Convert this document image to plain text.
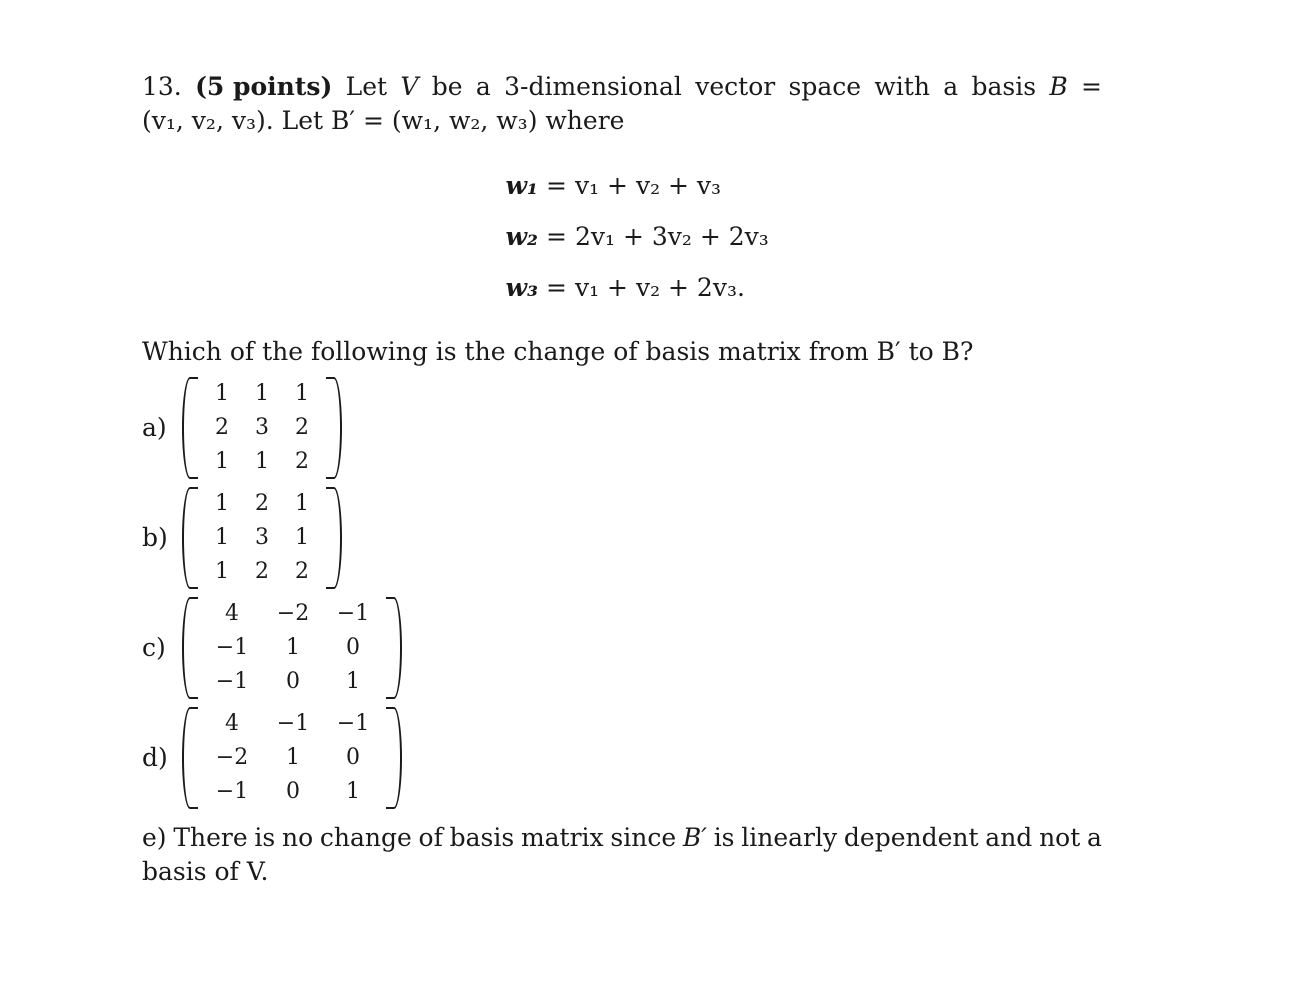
13. (5 points) Let V be a 3-dimensional vector space with a basis B =
(v₁, v₂, v₃). Let B′ = (w₁, w₂, w₃) where
w₁ = v₁ + v₂ + v₃
w₂ = 2v₁ + 3v₂ + 2v₃
w₃ = v₁ + v₂ + 2v₃.
Which of the following is the change of basis matrix from B′ to B?
a)
1	1	1
2	3	2
1	1	2
b)
1	2	1
1	3	1
1	2	2
c)
4	−2	−1
−1	1	0
−1	0	1
d)
4	−1	−1
−2	1	0
−1	0	1
e) There is no change of basis matrix since B′ is linearly dependent and not a
basis of V.
